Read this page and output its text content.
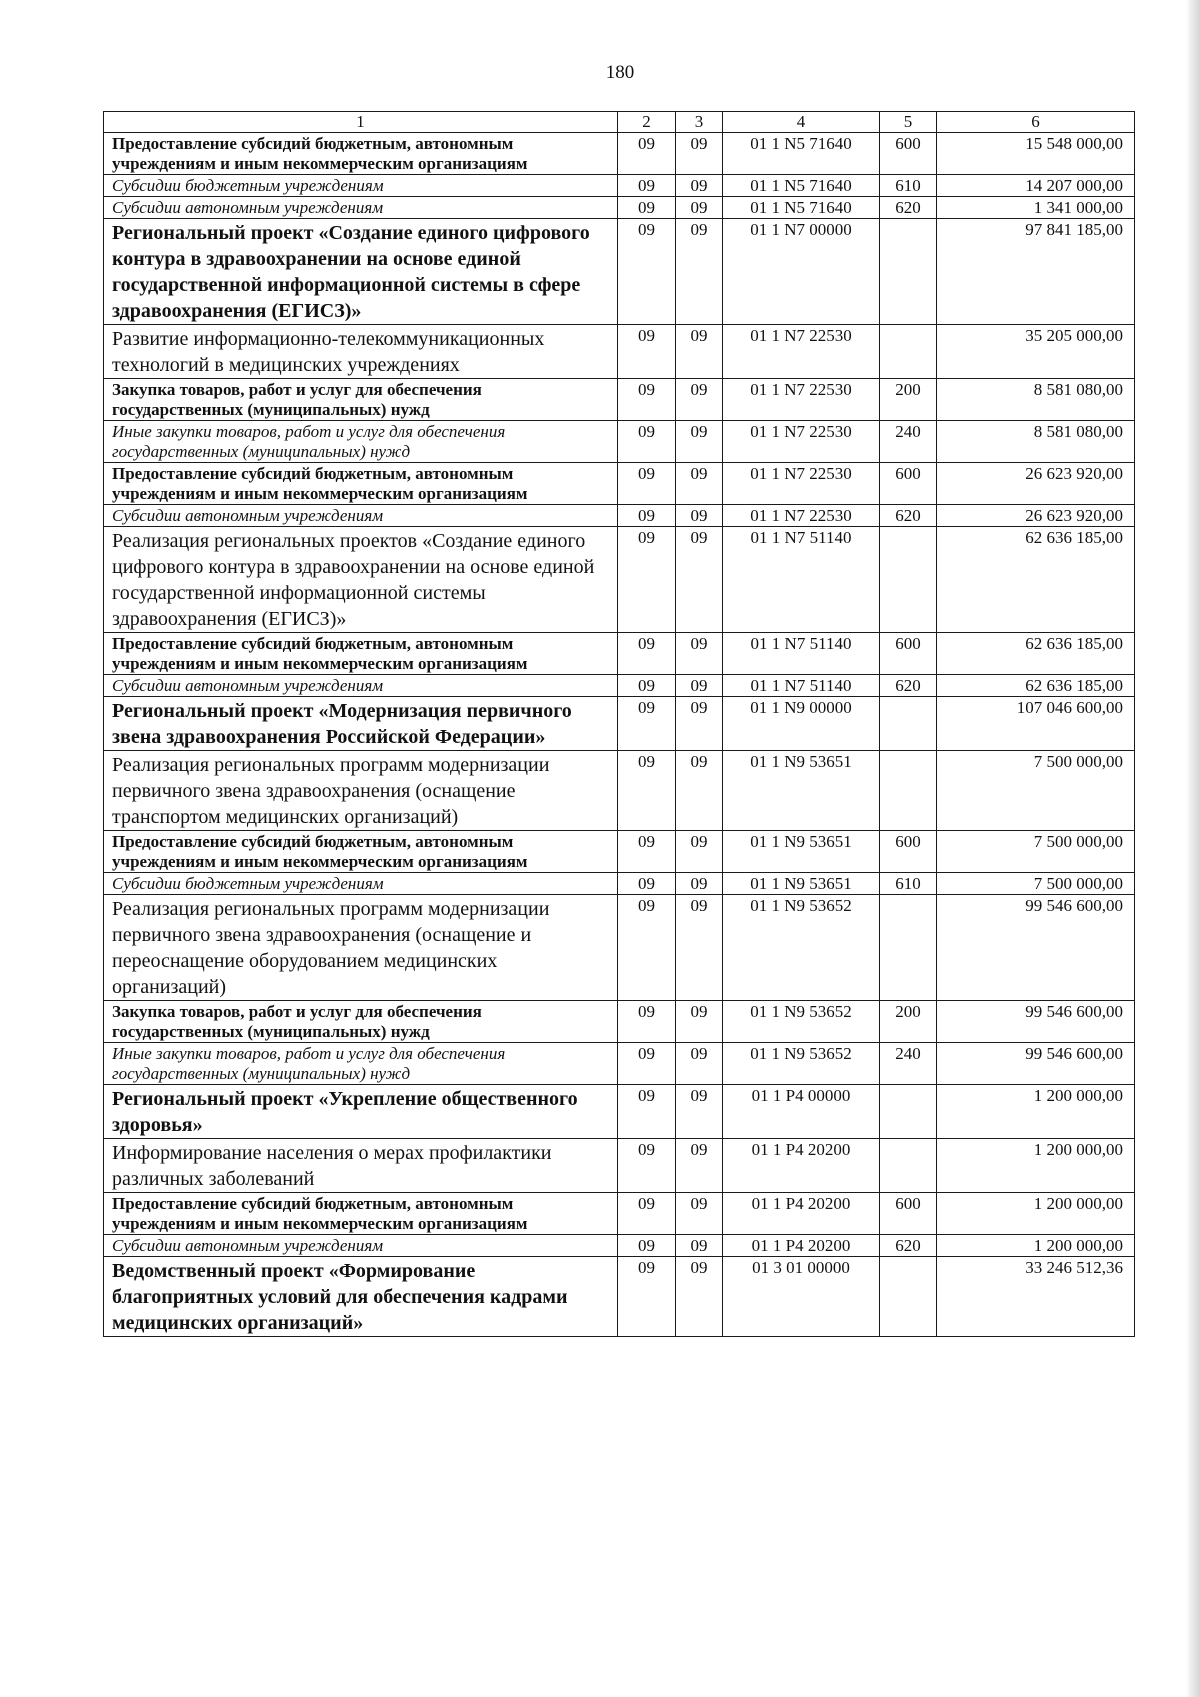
180
1	2	3	4	5	6
Предоставление субсидий бюджетным, автономным учреждениям и иным некоммерческим организациям	09	09	01 1 N5 71640	600	15 548 000,00
Субсидии бюджетным учреждениям	09	09	01 1 N5 71640	610	14 207 000,00
Субсидии автономным учреждениям	09	09	01 1 N5 71640	620	1 341 000,00
Региональный проект «Создание единого цифрового контура в здравоохранении на основе единой государственной информационной системы в сфере здравоохранения (ЕГИСЗ)»	09	09	01 1 N7 00000		97 841 185,00
Развитие информационно-телекоммуникационных технологий в медицинских учреждениях	09	09	01 1 N7 22530		35 205 000,00
Закупка товаров, работ и услуг для обеспечения государственных (муниципальных) нужд	09	09	01 1 N7 22530	200	8 581 080,00
Иные закупки товаров, работ и услуг для обеспечения государственных (муниципальных) нужд	09	09	01 1 N7 22530	240	8 581 080,00
Предоставление субсидий бюджетным, автономным учреждениям и иным некоммерческим организациям	09	09	01 1 N7 22530	600	26 623 920,00
Субсидии автономным учреждениям	09	09	01 1 N7 22530	620	26 623 920,00
Реализация региональных проектов «Создание единого цифрового контура в здравоохранении на основе единой государственной информационной системы здравоохранения (ЕГИСЗ)»	09	09	01 1 N7 51140		62 636 185,00
Предоставление субсидий бюджетным, автономным учреждениям и иным некоммерческим организациям	09	09	01 1 N7 51140	600	62 636 185,00
Субсидии автономным учреждениям	09	09	01 1 N7 51140	620	62 636 185,00
Региональный проект «Модернизация первичного звена здравоохранения Российской Федерации»	09	09	01 1 N9 00000		107 046 600,00
Реализация региональных программ модернизации первичного звена здравоохранения (оснащение транспортом медицинских организаций)	09	09	01 1 N9 53651		7 500 000,00
Предоставление субсидий бюджетным, автономным учреждениям и иным некоммерческим организациям	09	09	01 1 N9 53651	600	7 500 000,00
Субсидии бюджетным учреждениям	09	09	01 1 N9 53651	610	7 500 000,00
Реализация региональных программ модернизации первичного звена здравоохранения (оснащение и переоснащение оборудованием медицинских организаций)	09	09	01 1 N9 53652		99 546 600,00
Закупка товаров, работ и услуг для обеспечения государственных (муниципальных) нужд	09	09	01 1 N9 53652	200	99 546 600,00
Иные закупки товаров, работ и услуг для обеспечения государственных (муниципальных) нужд	09	09	01 1 N9 53652	240	99 546 600,00
Региональный проект «Укрепление общественного здоровья»	09	09	01 1 P4 00000		1 200 000,00
Информирование населения о мерах профилактики различных заболеваний	09	09	01 1 P4 20200		1 200 000,00
Предоставление субсидий бюджетным, автономным учреждениям и иным некоммерческим организациям	09	09	01 1 P4 20200	600	1 200 000,00
Субсидии автономным учреждениям	09	09	01 1 P4 20200	620	1 200 000,00
Ведомственный проект «Формирование благоприятных условий для обеспечения кадрами медицинских организаций»	09	09	01 3 01 00000		33 246 512,36
